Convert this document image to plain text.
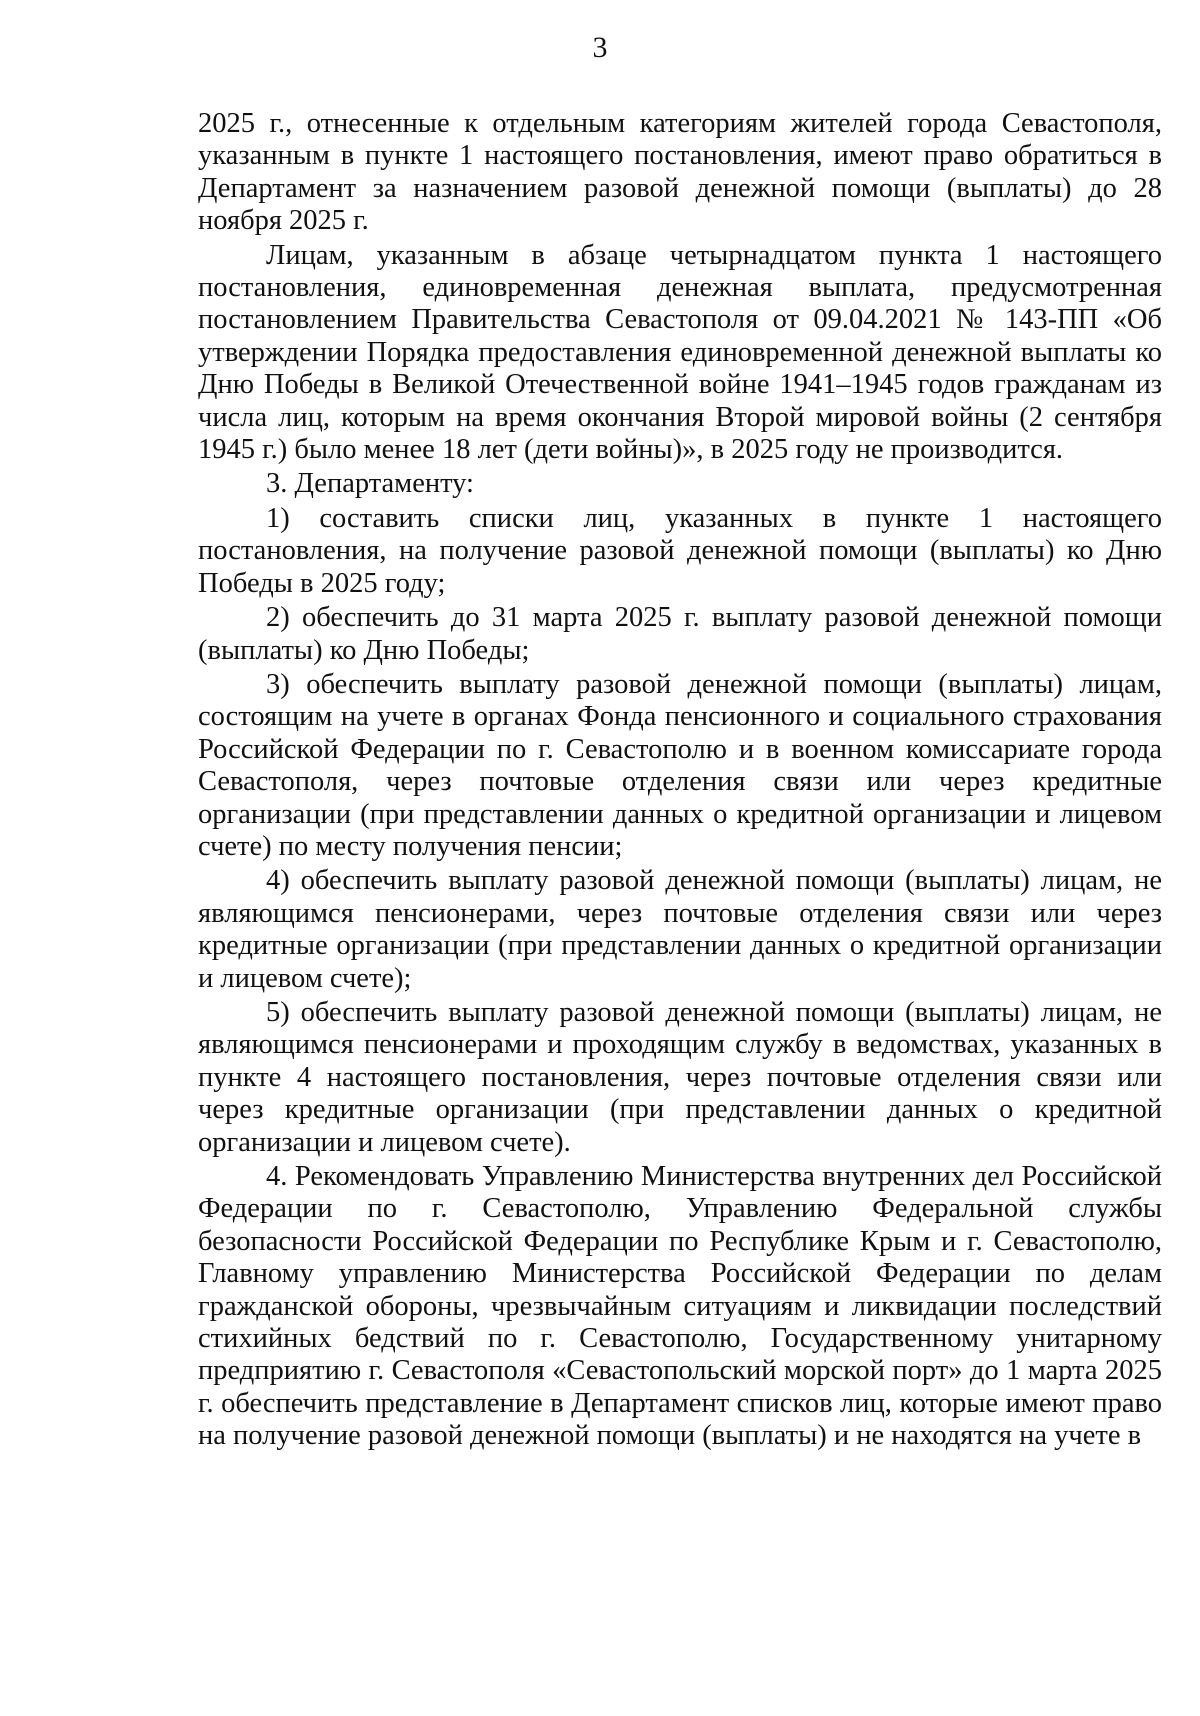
3

2025 г., отнесенные к отдельным категориям жителей города Севастополя, указанным в пункте 1 настоящего постановления, имеют право обратиться в Департамент за назначением разовой денежной помощи (выплаты) до 28 ноября 2025 г.

Лицам, указанным в абзаце четырнадцатом пункта 1 настоящего постановления, единовременная денежная выплата, предусмотренная постановлением Правительства Севастополя от 09.04.2021 № 143-ПП «Об утверждении Порядка предоставления единовременной денежной выплаты ко Дню Победы в Великой Отечественной войне 1941–1945 годов гражданам из числа лиц, которым на время окончания Второй мировой войны (2 сентября 1945 г.) было менее 18 лет (дети войны)», в 2025 году не производится.

3. Департаменту:

1) составить списки лиц, указанных в пункте 1 настоящего постановления, на получение разовой денежной помощи (выплаты) ко Дню Победы в 2025 году;

2) обеспечить до 31 марта 2025 г. выплату разовой денежной помощи (выплаты) ко Дню Победы;

3) обеспечить выплату разовой денежной помощи (выплаты) лицам, состоящим на учете в органах Фонда пенсионного и социального страхования Российской Федерации по г. Севастополю и в военном комиссариате города Севастополя, через почтовые отделения связи или через кредитные организации (при представлении данных о кредитной организации и лицевом счете) по месту получения пенсии;

4) обеспечить выплату разовой денежной помощи (выплаты) лицам, не являющимся пенсионерами, через почтовые отделения связи или через кредитные организации (при представлении данных о кредитной организации и лицевом счете);

5) обеспечить выплату разовой денежной помощи (выплаты) лицам, не являющимся пенсионерами и проходящим службу в ведомствах, указанных в пункте 4 настоящего постановления, через почтовые отделения связи или через кредитные организации (при представлении данных о кредитной организации и лицевом счете).

4. Рекомендовать Управлению Министерства внутренних дел Российской Федерации по г. Севастополю, Управлению Федеральной службы безопасности Российской Федерации по Республике Крым и г. Севастополю, Главному управлению Министерства Российской Федерации по делам гражданской обороны, чрезвычайным ситуациям и ликвидации последствий стихийных бедствий по г. Севастополю, Государственному унитарному предприятию г. Севастополя «Севастопольский морской порт» до 1 марта 2025 г. обеспечить представление в Департамент списков лиц, которые имеют право на получение разовой денежной помощи (выплаты) и не находятся на учете в
